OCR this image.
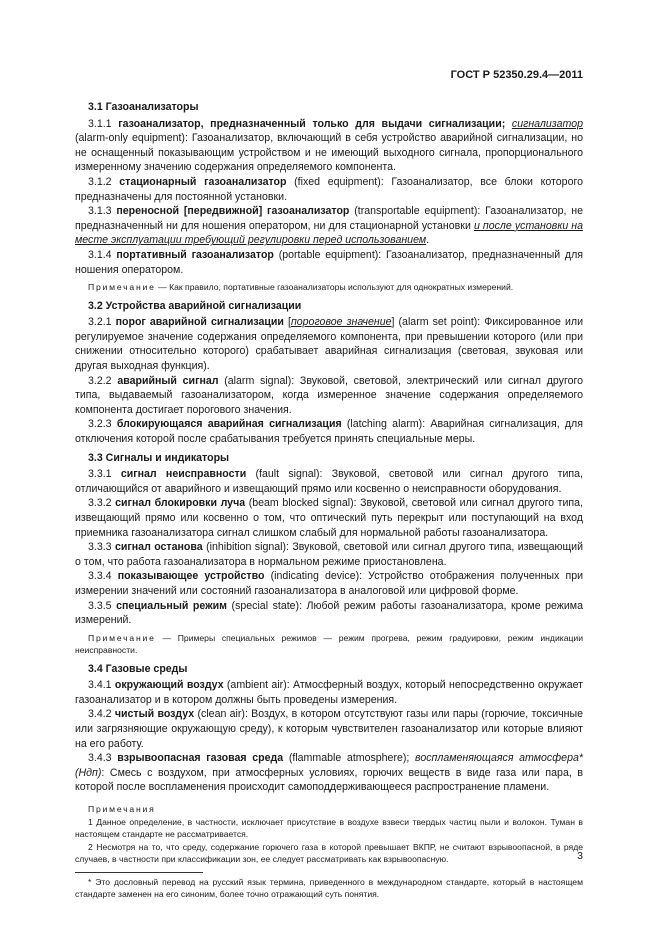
ГОСТ Р 52350.29.4—2011
3.1 Газоанализаторы
3.1.1 газоанализатор, предназначенный только для выдачи сигнализации; сигнализатор (alarm-only equipment): Газоанализатор, включающий в себя устройство аварийной сигнализации, но не оснащенный показывающим устройством и не имеющий выходного сигнала, пропорционального измеренному значению содержания определяемого компонента.
3.1.2 стационарный газоанализатор (fixed equipment): Газоанализатор, все блоки которого предназначены для постоянной установки.
3.1.3 переносной [передвижной] газоанализатор (transportable equipment): Газоанализатор, не предназначенный ни для ношения оператором, ни для стационарной установки и после установки на месте эксплуатации требующий регулировки перед использованием.
3.1.4 портативный газоанализатор (portable equipment): Газоанализатор, предназначенный для ношения оператором.
Примечание — Как правило, портативные газоанализаторы используют для однократных измерений.
3.2 Устройства аварийной сигнализации
3.2.1 порог аварийной сигнализации [пороговое значение] (alarm set point): Фиксированное или регулируемое значение содержания определяемого компонента, при превышении которого (или при снижении относительно которого) срабатывает аварийная сигнализация (световая, звуковая или другая выходная функция).
3.2.2 аварийный сигнал (alarm signal): Звуковой, световой, электрический или сигнал другого типа, выдаваемый газоанализатором, когда измеренное значение содержания определяемого компонента достигает порогового значения.
3.2.3 блокирующаяся аварийная сигнализация (latching alarm): Аварийная сигнализация, для отключения которой после срабатывания требуется принять специальные меры.
3.3 Сигналы и индикаторы
3.3.1 сигнал неисправности (fault signal): Звуковой, световой или сигнал другого типа, отличающийся от аварийного и извещающий прямо или косвенно о неисправности оборудования.
3.3.2 сигнал блокировки луча (beam blocked signal): Звуковой, световой или сигнал другого типа, извещающий прямо или косвенно о том, что оптический путь перекрыт или поступающий на вход приемника газоанализатора сигнал слишком слабый для нормальной работы газоанализатора.
3.3.3 сигнал останова (inhibition signal): Звуковой, световой или сигнал другого типа, извещающий о том, что работа газоанализатора в нормальном режиме приостановлена.
3.3.4 показывающее устройство (indicating device): Устройство отображения полученных при измерении значений или состояний газоанализатора в аналоговой или цифровой форме.
3.3.5 специальный режим (special state): Любой режим работы газоанализатора, кроме режима измерений.
Примечание — Примеры специальных режимов — режим прогрева, режим градуировки, режим индикации неисправности.
3.4 Газовые среды
3.4.1 окружающий воздух (ambient air): Атмосферный воздух, который непосредственно окружает газоанализатор и в котором должны быть проведены измерения.
3.4.2 чистый воздух (clean air): Воздух, в котором отсутствуют газы или пары (горючие, токсичные или загрязняющие окружающую среду), к которым чувствителен газоанализатор или которые влияют на его работу.
3.4.3 взрывоопасная газовая среда (flammable atmosphere); воспламеняющаяся атмосфера* (Ндп): Смесь с воздухом, при атмосферных условиях, горючих веществ в виде газа или пара, в которой после воспламенения происходит самоподдерживающееся распространение пламени.
Примечания
1 Данное определение, в частности, исключает присутствие в воздухе взвеси твердых частиц пыли и волокон. Туман в настоящем стандарте не рассматривается.
2 Несмотря на то, что среду, содержание горючего газа в которой превышает ВКПР, не считают взрывоопасной, в ряде случаев, в частности при классификации зон, ее следует рассматривать как взрывоопасную.
* Это дословный перевод на русский язык термина, приведенного в международном стандарте, который в настоящем стандарте заменен на его синоним, более точно отражающий суть понятия.
3
